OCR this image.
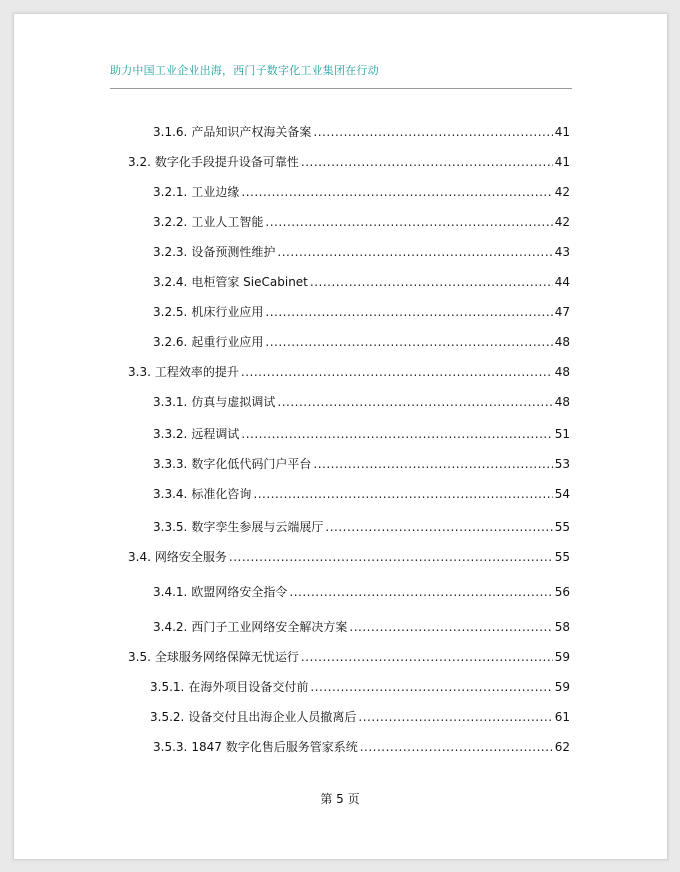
助力中国工业企业出海，西门子数字化工业集团在行动
3.1.6. 产品知识产权海关备案 .....	41
3.2. 数字化手段提升设备可靠性 .....	41
3.2.1. 工业边缘 .....	42
3.2.2. 工业人工智能 .....	42
3.2.3. 设备预测性维护 .....	43
3.2.4. 电柜管家 SieCabinet .....	44
3.2.5. 机床行业应用 .....	47
3.2.6. 起重行业应用 .....	48
3.3. 工程效率的提升 .....	48
3.3.1. 仿真与虚拟调试 .....	48
3.3.2. 远程调试 .....	51
3.3.3. 数字化低代码门户平台 .....	53
3.3.4. 标准化咨询 .....	54
3.3.5. 数字孪生参展与云端展厅 .....	55
3.4. 网络安全服务 .....	55
3.4.1. 欧盟网络安全指令 .....	56
3.4.2. 西门子工业网络安全解决方案 .....	58
3.5. 全球服务网络保障无忧运行 .....	59
3.5.1. 在海外项目设备交付前 .....	59
3.5.2. 设备交付且出海企业人员撤离后 .....	61
3.5.3. 1847 数字化售后服务管家系统 .....	62
第 5 页
